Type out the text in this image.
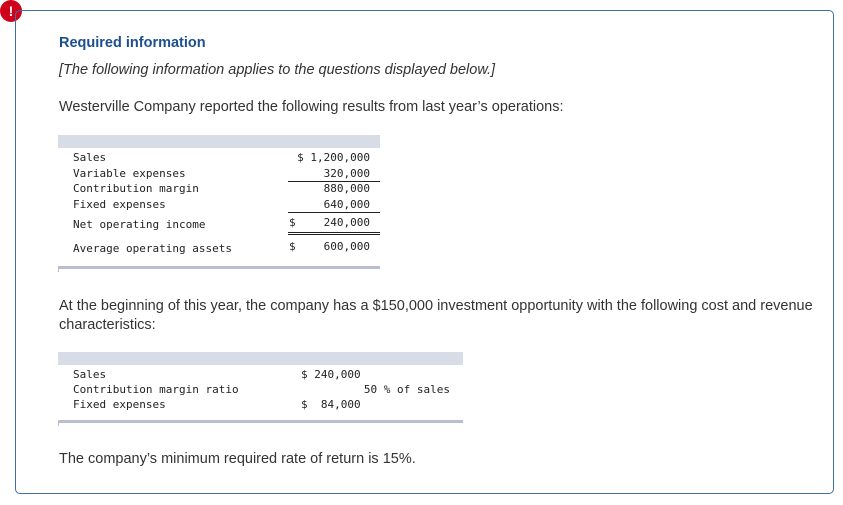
!
Required information
[The following information applies to the questions displayed below.]
Westerville Company reported the following results from last year’s operations:
Sales	$ 1,200,000
Variable expenses	320,000
Contribution margin	880,000
Fixed expenses	640,000
Net operating income	$	240,000
Average operating assets	$	600,000
At the beginning of this year, the company has a $150,000 investment opportunity with the following cost and revenue characteristics:
Sales	$ 240,000
Contribution margin ratio	50 % of sales
Fixed expenses	$  84,000
The company’s minimum required rate of return is 15%.
